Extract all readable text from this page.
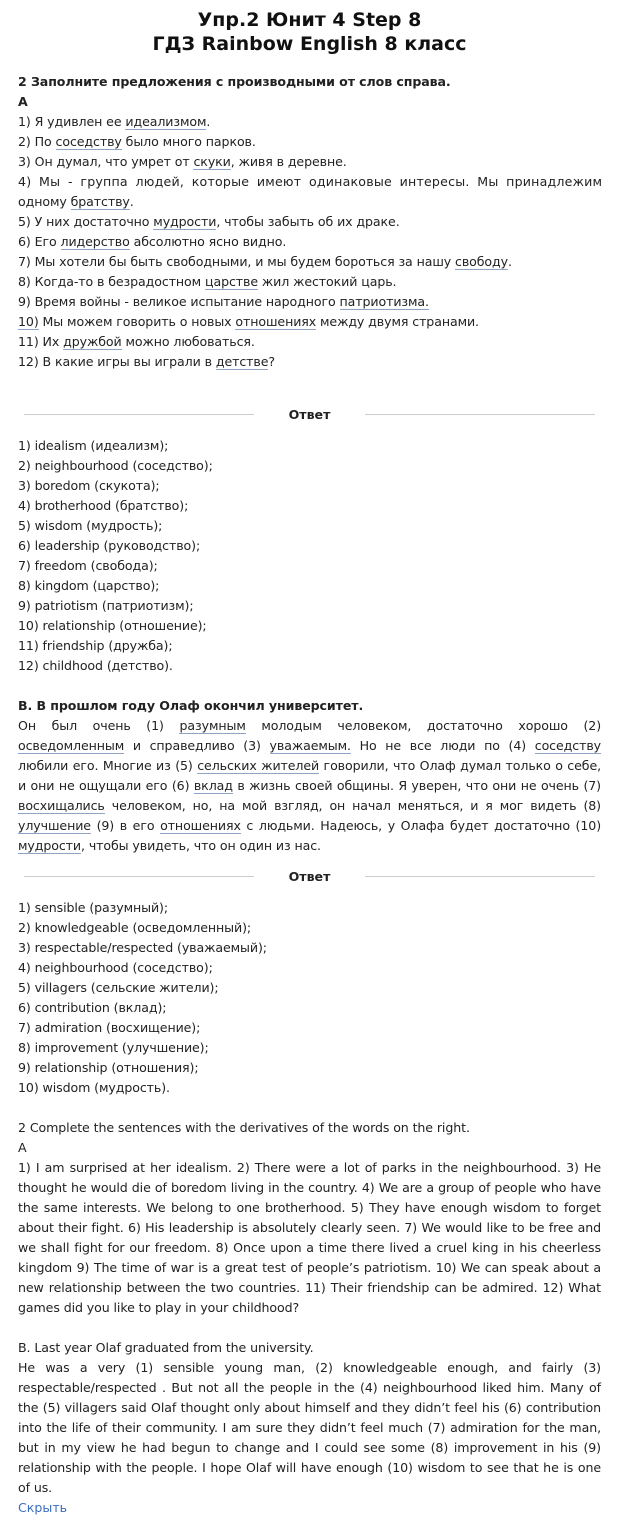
Упр.2 Юнит 4 Step 8

ГДЗ Rainbow English 8 класс

2 Заполните предложения с производными от слов справа.

А

1) Я удивлен ее идеализмом.

2) По соседству было много парков.

3) Он думал, что умрет от скуки, живя в деревне.

4) Мы - группа людей, которые имеют одинаковые интересы. Мы принадлежим

одному братству.

5) У них достаточно мудрости, чтобы забыть об их драке.

6) Его лидерство абсолютно ясно видно.

7) Мы хотели бы быть свободными, и мы будем бороться за нашу свободу.

8) Когда-то в безрадостном царстве жил жестокий царь.

9) Время войны - великое испытание народного патриотизма.

10) Мы можем говорить о новых отношениях между двумя странами.

11) Их дружбой можно любоваться.

12) В какие игры вы играли в детстве?

Ответ

1) idealism (идеализм);

2) neighbourhood (соседство);

3) boredom (скукота);

4) brotherhood (братство);

5) wisdom (мудрость);

6) leadership (руководство);

7) freedom (свобода);

8) kingdom (царство);

9) patriotism (патриотизм);

10) relationship (отношение);

11) friendship (дружба);

12) childhood (детство).

В. В прошлом году Олаф окончил университет.

Он был очень (1) разумным молодым человеком, достаточно хорошо (2) осведомленным и справедливо (3) уважаемым. Но не все люди по (4) соседству любили его. Многие из (5) сельских жителей говорили, что Олаф думал только о себе, и они не ощущали его (6) вклад в жизнь своей общины. Я уверен, что они не очень (7) восхищались человеком, но, на мой взгляд, он начал меняться, и я мог видеть (8) улучшение (9) в его отношениях с людьми. Надеюсь, у Олафа будет достаточно (10) мудрости, чтобы увидеть, что он один из нас.

Ответ

1) sensible (разумный);

2) knowledgeable (осведомленный);

3) respectable/respected (уважаемый);

4) neighbourhood (соседство);

5) villagers (сельские жители);

6) contribution (вклад);

7) admiration (восхищение);

8) improvement (улучшение);

9) relationship (отношения);

10) wisdom (мудрость).

2 Complete the sentences with the derivatives of the words on the right.

A

1) I am surprised at her idealism. 2) There were a lot of parks in the neighbourhood. 3) He thought he would die of boredom living in the country. 4) We are a group of people who have the same interests. We belong to one brotherhood. 5) They have enough wisdom to forget about their fight. 6) His leadership is absolutely clearly seen. 7) We would like to be free and we shall fight for our freedom. 8) Once upon a time there lived a cruel king in his cheerless kingdom 9) The time of war is a great test of people’s patriotism. 10) We can speak about a new relationship between the two countries. 11) Their friendship can be admired. 12) What games did you like to play in your childhood?

B. Last year Olaf graduated from the university.

He was a very (1) sensible young man, (2) knowledgeable enough, and fairly (3) respectable/respected . But not all the people in the (4) neighbourhood liked him. Many of the (5) villagers said Olaf thought only about himself and they didn’t feel his (6) contribution into the life of their community. I am sure they didn’t feel much (7) admiration for the man, but in my view he had begun to change and I could see some (8) improvement in his (9) relationship with the people. I hope Olaf will have enough (10) wisdom to see that he is one of us.

Скрыть
